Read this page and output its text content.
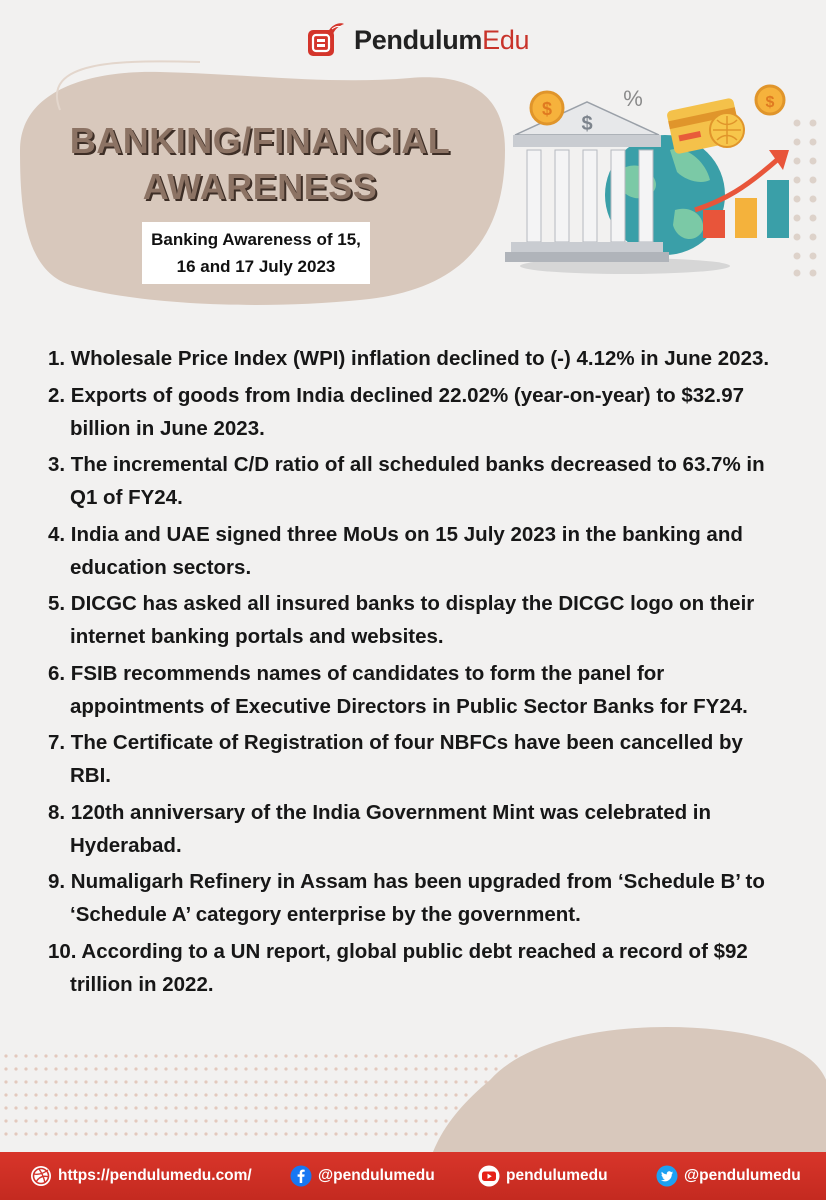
PendulumEdu
BANKING/FINANCIAL
AWARENESS
Banking Awareness of 15,
16 and 17 July 2023
$
$	$
%
1. Wholesale Price Index (WPI) inflation declined to (-) 4.12% in June 2023.
2. Exports of goods from India declined 22.02% (year-on-year) to $32.97 billion in June 2023.
3. The incremental C/D ratio of all scheduled banks decreased to 63.7% in Q1 of FY24.
4. India and UAE signed three MoUs on 15 July 2023 in the banking and education sectors.
5. DICGC has asked all insured banks to display the DICGC logo on their internet banking portals and websites.
6. FSIB recommends names of candidates to form the panel for appointments of Executive Directors in Public Sector Banks for FY24.
7. The Certificate of Registration of four NBFCs have been cancelled by RBI.
8. 120th anniversary of the India Government Mint was celebrated in Hyderabad.
9. Numaligarh Refinery in Assam has been upgraded from ‘Schedule B’ to ‘Schedule A’ category enterprise by the government.
10. According to a UN report, global public debt reached a record of $92 trillion in 2022.
https://pendulumedu.com/	@pendulumedu	pendulumedu	@pendulumedu
